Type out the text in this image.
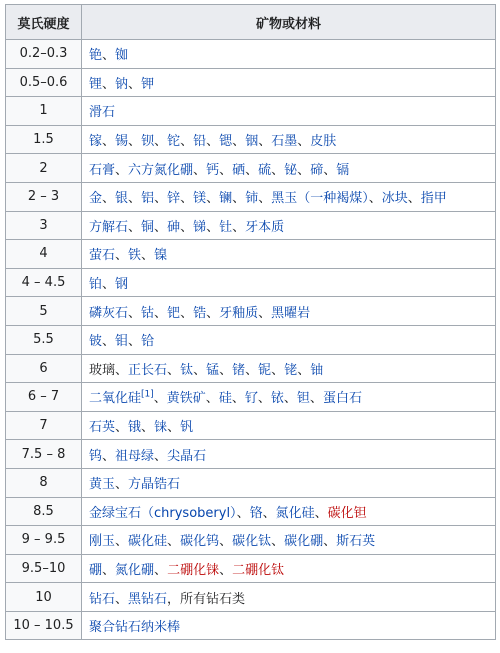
莫氏硬度	矿物或材料
0.2–0.3	铯、铷
0.5–0.6	锂、钠、钾
1	滑石
1.5	镓、锡、钡、铊、铅、锶、铟、石墨、皮肤
2	石膏、六方氮化硼、钙、硒、硫、铋、碲、镉
2 – 3	金、银、铝、锌、镁、镧、铈、黑玉（一种褐煤）、冰块、指甲
3	方解石、铜、砷、锑、钍、牙本质
4	萤石、铁、镍
4 – 4.5	铂、钢
5	磷灰石、钴、钯、锆、牙釉质、黑曜岩
5.5	铍、钼、铪
6	玻璃、正长石、钛、锰、锗、铌、铑、铀
6 – 7	二氧化硅[1]、黄铁矿、硅、钌、铱、钽、蛋白石
7	石英、锇、铼、钒
7.5 – 8	钨、祖母绿、尖晶石
8	黄玉、方晶锆石
8.5	金绿宝石（chrysoberyl）、铬、氮化硅、碳化钽
9 – 9.5	刚玉、碳化硅、碳化钨、碳化钛、碳化硼、斯石英
9.5–10	硼、氮化硼、二硼化铼、二硼化钛
10	钻石、黑钻石，所有钻石类
10 – 10.5	聚合钻石纳米棒
